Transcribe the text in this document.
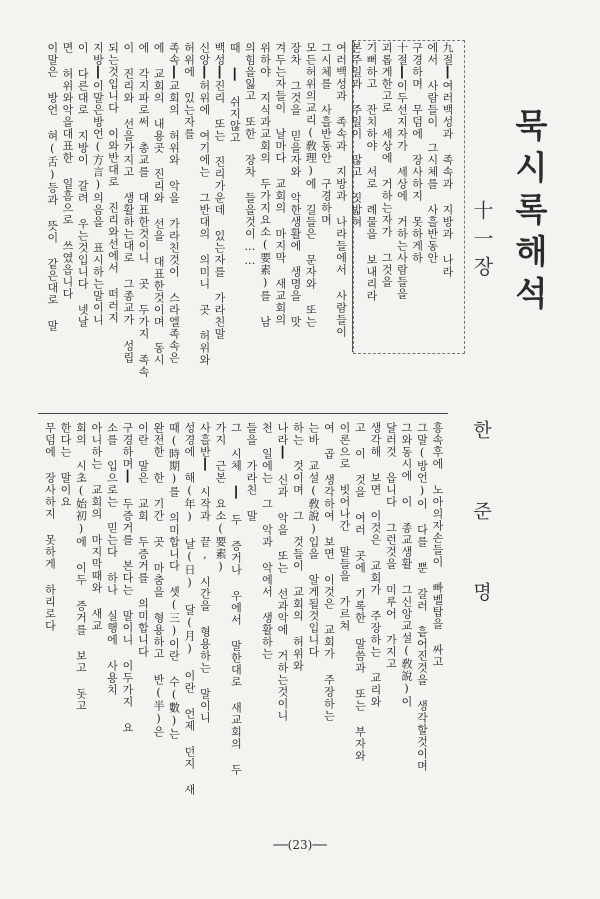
묵시록해석
十一장
한 준 명
九절┃여러백성과 족속과 지방과 나라
에서 사람들이 그시체를 사흘반동안
구경하며 무덤에 장사하지 못하게하
十절┃이두선지자가 세상에 거하는사람들을
괴롭게한고로 세상에 거하는자가 그것을
기뻐하고 잔치하야 서로 례물을 보내리라
본주일과 주일이 많고 짓밟혀
여러백성과 족속과 지방과 나라들에서 사람들이
그시체를 사흘반동안 구경하며
모든허위의교리(敎理)에 길들은 문자와 또는
장차 그것을 믿을자와 악한생활에 생명을 맛
겨두는자들이 날마다 교회의 마지막 새교회의
위하야 지식과교회의 두가지요소(要素)를 남
의힘을잃고 또한 장차 들을것이……
때 ┃ 쉬지않고
백성┃진리 또는 진리가운데 있는자를 가라친말
신앙┃허위에 여기에는 그반대의 의미니 곳 허위와
허위에 있는자를
족속┃교회의 허위와 악을 가라친것이 스라엘족속은
에 교회의 내용곳 진리와 선을 대표한것이며 동시
에 각지파로써 총교를 대표한것이니 곳 두가지 족속
이 진리와 선을가지고 생활하는대로 그종교가 성립
되는것입니다 이와반대로 진리와선에서 떠러지
지방┃이말은방언(方言)의음을 표시하는말이니
이 다른대로 지방이 갈려 우는것입니다 넷날
면 허위와악을대표한 일흠으로 쓰였읍니다
이말은 방언 혀(舌)등과 뜻이 같은대로 말
흥속후에 노아의자손들이 빠벨탑을 싸고
그말(방언)이 다를 뿐 갈러 흩어진것을 생각할것이며
그와동시에 이 종교생활 그신앙교설(敎說)이
달러것 읍니다 그런것을 미루어 가지고
생각해 보면 이것은 교회가 주장하는 교리와
고 이 것을 여러 곳에 기록한 말씀과 또는 부자와
이론으로 빗어나간 말들을 가르쳐
여 곱 생각하여 보면 이것은 교회가 주장하는
는바 교설(敎說)입을 알게될것입니다
하는 것이며 그 것들이 교회의 허위와
나라┃ 신과 악을 또는 선과악에 거하는것이니
천 일에는 그 악과 악에서 생활하는
들을 가라친 말
그 시체 ┃ 두 증거나 우에서 말한대로 새교회의 두
가지 근본 요소(要素)
사흘반┃ 시작과 끝, 시간을 형용하는 말이니
성경에 해(年) 날(日) 달(月) 이란 언제 던지 새
때(時期)를 의미합니다 셋(三)이란 수(數)는
완전한 한 기간 곳 마춤을 형용하고 반(半)은
이란 말은 교회 두증거를 의미합니다
구경하며┃ 두증거를 본다는 말이니 이두가지 요
소를 입으로는 믿는다 하나 실행에 사용치
아니하는 교회의 마지막때와 새교
회의 시초(始初)에 이두 증거를 보고 돗고
한다는 말이요
무덤에 장사하지 못하게 하리로다
──(23)──
